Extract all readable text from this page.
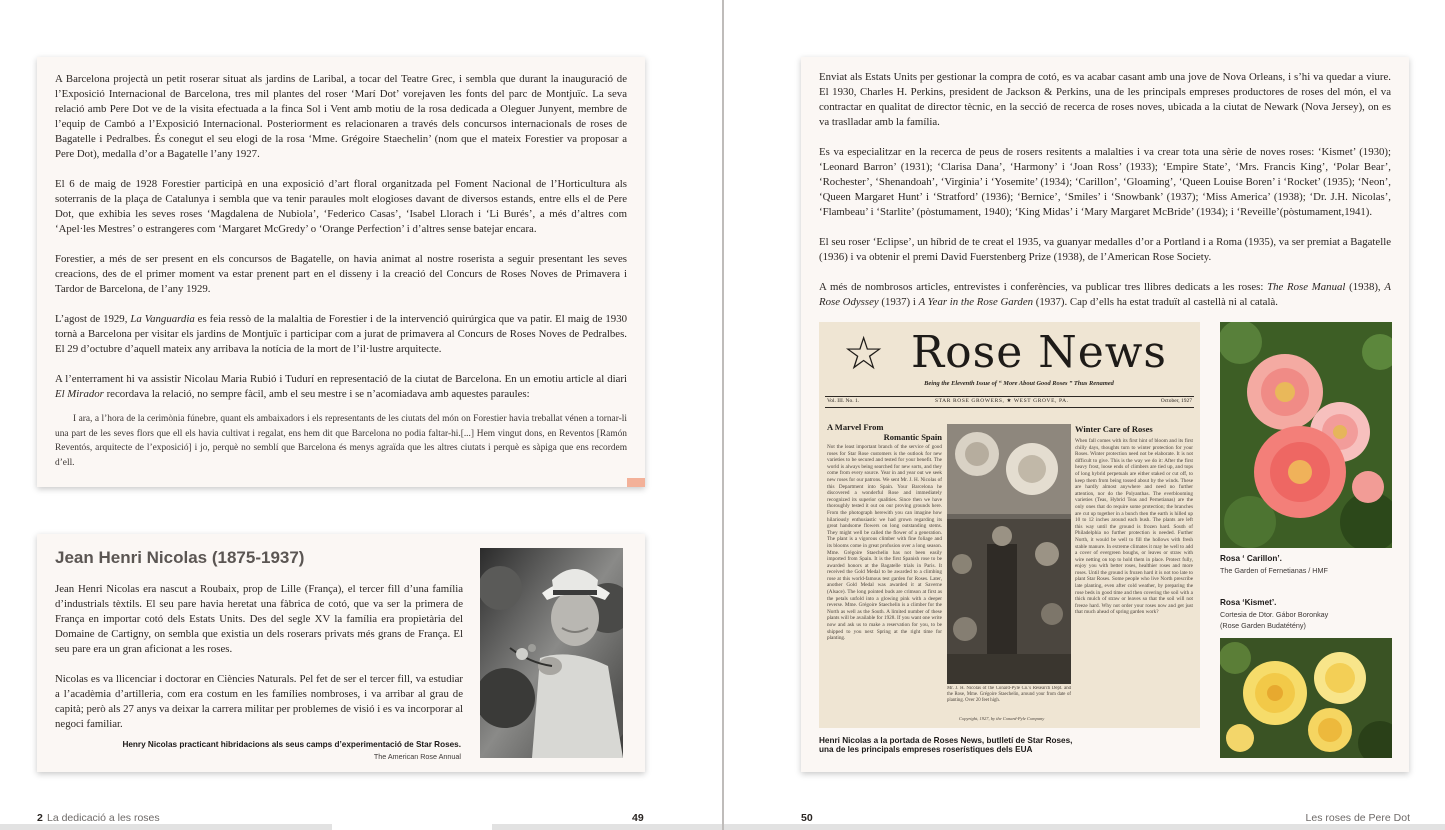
A Barcelona projectà un petit roserar situat als jardins de Laribal, a tocar del Teatre Grec, i sembla que durant la inauguració de l’Exposició Internacional de Barcelona, tres mil plantes del roser ‘Marí Dot’ vorejaven les fonts del parc de Montjuïc. La seva relació amb Pere Dot ve de la visita efectuada a la finca Sol i Vent amb motiu de la rosa dedicada a Oleguer Junyent, membre de l’equip de Cambó a l’Exposició Internacional. Posteriorment es relacionaren a través dels concursos internacionals de roses de Bagatelle i Pedralbes. És conegut el seu elogi de la rosa ‘Mme. Grégoire Staechelin’ (nom que el mateix Forestier va proposar a Pere Dot), medalla d’or a Bagatelle l’any 1927.

El 6 de maig de 1928 Forestier participà en una exposició d’art floral organitzada pel Foment Nacional de l’Horticultura als soterranis de la plaça de Catalunya i sembla que va tenir paraules molt elogioses davant de diversos estands, entre ells el de Pere Dot, que exhibia les seves roses ‘Magdalena de Nubiola’, ‘Federico Casas’, ‘Isabel Llorach i ‘Li Burés’, a més d’altres com ‘Apel·les Mestres’ o estrangeres com ‘Margaret McGredy’ o ‘Orange Perfection’ i d’altres sense batejar encara.

Forestier, a més de ser present en els concursos de Bagatelle, on havia animat al nostre roserista a seguir presentant les seves creacions, des de el primer moment va estar prenent part en el disseny i la creació del Concurs de Roses Noves de Primavera i Tardor de Barcelona, de l’any 1929.

L’agost de 1929, La Vanguardia es feia ressò de la malaltia de Forestier i de la intervenció quirúrgica que va patir. El maig de 1930 tornà a Barcelona per visitar els jardins de Montjuïc i participar com a jurat de primavera al Concurs de Roses Noves de Pedralbes. El 29 d’octubre d’aquell mateix any arribava la notícia de la mort de l’il·lustre arquitecte.

A l’enterrament hi va assistir Nicolau Maria Rubió i Tudurí en representació de la ciutat de Barcelona. En un emotiu article al diari El Mirador recordava la relació, no sempre fàcil, amb el seu mestre i se n’acomiadava amb aquestes paraules:

I ara, a l’hora de la cerimònia fúnebre, quant els ambaixadors i els representants de les ciutats del món on Forestier havia treballat vénen a tornar-li una part de les seves flors que ell els havia cultivat i regalat, ens hem dit que Barcelona no podia faltar-hi.[...] Hem vingut dons, en Reventos [Ramón Reventós, arquitecte de l’exposició] i jo, perquè no semblí que Barcelona és menys agraïda que les altres ciutats i perquè es sàpiga que ens recordem d’ell.

Jean Henri Nicolas (1875-1937)

Jean Henri Nicolas era nascut a Roubaix, prop de Lille (França), el tercer fill d’una família d’industrials tèxtils. El seu pare havia heretat una fàbrica de cotó, que va ser la primera de França en importar cotó dels Estats Units. Des del segle XV la família era propietària del Domaine de Cartigny, on sembla que existia un dels roserars privats més grans de França. El seu pare era un gran aficionat a les roses.

Nicolas es va llicenciar i doctorar en Ciències Naturals. Pel fet de ser el tercer fill, va estudiar a l’acadèmia d’artilleria, com era costum en les famílies nombroses, i va arribar al grau de capità; però als 27 anys va deixar la carrera militar per problemes de visió i es va incorporar al negoci familiar.

Henry Nicolas practicant hibridacions als seus camps d’experimentació de Star Roses.
The American Rose Annual
2 La dedicació a les roses	49

Enviat als Estats Units per gestionar la compra de cotó, es va acabar casant amb una jove de Nova Orleans, i s’hi va quedar a viure. El 1930, Charles H. Perkins, president de Jackson & Perkins, una de les principals empreses productores de roses del món, el va contractar en qualitat de director tècnic, en la secció de recerca de roses noves, ubicada a la ciutat de Newark (Nova Jersey), on es va traslladar amb la família.

Es va especialitzar en la recerca de peus de rosers resitents a malalties i va crear tota una sèrie de noves roses: ‘Kismet’ (1930); ‘Leonard Barron’ (1931); ‘Clarisa Dana’, ‘Harmony’ i ‘Joan Ross’ (1933); ‘Empire State’, ‘Mrs. Francis King’, ‘Polar Bear’, ‘Rochester’, ‘Shenandoah’, ‘Virginia’ i ‘Yosemite’ (1934); ‘Carillon’, ‘Gloaming’, ‘Queen Louise Boren’ i ‘Rocket’ (1935); ‘Neon’, ‘Queen Margaret Hunt’ i ‘Stratford’ (1936); ‘Bernice’, ‘Smiles’ i ‘Snowbank’ (1937); ‘Miss America’ (1938); ‘Dr. J.H. Nicolas’, ‘Flambeau’ i ‘Starlite’ (pòstumament, 1940); ‘King Midas’ i ‘Mary Margaret McBride’ (1934); i ‘Reveille’(pòstumament,1941).

El seu roser ‘Eclipse’, un híbrid de te creat el 1935, va guanyar medalles d’or a Portland i a Roma (1935), va ser premiat a Bagatelle (1936) i va obtenir el premi David Fuerstenberg Prize (1938), de l’American Rose Society.

A més de nombrosos articles, entrevistes i conferències, va publicar tres llibres dedicats a les roses: The Rose Manual (1938), A Rose Odyssey (1937) i A Year in the Rose Garden (1937). Cap d’ells ha estat traduït al castellà ni al català.

☆ Rose News
Being the Eleventh Issue of “ More About Good Roses ” Thus Renamed
Vol. III. No. 1.	STAR ROSE GROWERS, ★ WEST GROVE, PA.	October, 1927
A Marvel From
Romantic Spain
Not the least important branch of the service of good roses for Star Rose customers is the outlook for new varieties to be secured and tested for your benefit. The world is always being searched for new sorts, and they come from every source. Year in and year out we seek new roses for our patrons. We sent Mr. J. H. Nicolas of this Department into Spain. Your Barcelona he discovered a wonderful Rose and immediately recognized its superior qualities. Since then we have thoroughly tested it out on our proving grounds here. From the photograph herewith you can imagine how hilariously enthusiastic we had grown regarding its great handsome flowers on long outstanding stems. They might well be called the flower of a generation. The plant is a vigorous climber with fine foliage and its blooms come in great profusion over a long season. Mme. Grégoire Staechelin has not been easily imported from Spain. It is the first Spanish rose to be awarded honors at the Bagatelle trials in Paris. It received the Gold Medal to be awarded to a climbing rose at this world-famous test garden for Roses. Later, another Gold Medal was awarded it at Saverne (Alsace). The long pointed buds are crimson at first as the petals unfold into a glowing pink with a deeper reverse. Mme. Grégoire Staechelin is a climber for the North as well as the South. A limited number of these plants will be available for 1928. If you want one write now and ask us to make a reservation for you, to be shipped to you next Spring at the right time for planting.
Winter Care of Roses
When fall comes with its first hint of bloom and its first chilly days, thoughts turn to winter protection for your Roses. Winter protection need not be elaborate. It is not difficult to give. This is the way we do it: After the first heavy frost, loose ends of climbers are tied up, and tops of long hybrid perpetuals are either staked or cut off, to keep them from being tossed about by the winds. These are hardly almost anywhere and need no further attention, nor do the Polyanthas. The everblooming varieties (Teas, Hybrid Teas and Pernetianas) are the only ones that do require some protection; the branches are cut up together in a bunch then the earth is hilled up 10 to 12 inches around each bush. The plants are left this way until the ground is frozen hard. South of Philadelphia no further protection is needed. Further North, it would be well to fill the hollows with fresh stable manure. In extreme climates it may be well to add a cover of evergreen boughs, or leaves or straw with wire netting on top to hold them in place. Protect fully, enjoy you with better roses, healthier roses and more roses. Until the ground is frozen hard it is not too late to plant Star Roses. Some people who live North prescribe late planting, even after cold weather, by preparing the rose beds in good time and then covering the soil with a thick mulch of straw or leaves so that the soil will not freeze hard. Why not order your roses now and get just that much ahead of spring garden work?
Mr. J. H. Nicolas of the Conard-Pyle Co.'s Research Dept. and the Rose, Mme. Grégoire Staechelin, around your from date of planting. Over 20 feet high.
Copyright, 1927, by the Conard-Pyle Company
Henri Nicolas a la portada de Roses News, butlletí de Star Roses,
una de les principals empreses roserístiques dels EUA
Rosa ‘ Carillon’.
The Garden of Fernetianas / HMF
Rosa ‘Kismet’.
Cortesia de Dtor. Gábor Boronkay
(Rose Garden Budatétény)
50	Les roses de Pere Dot
